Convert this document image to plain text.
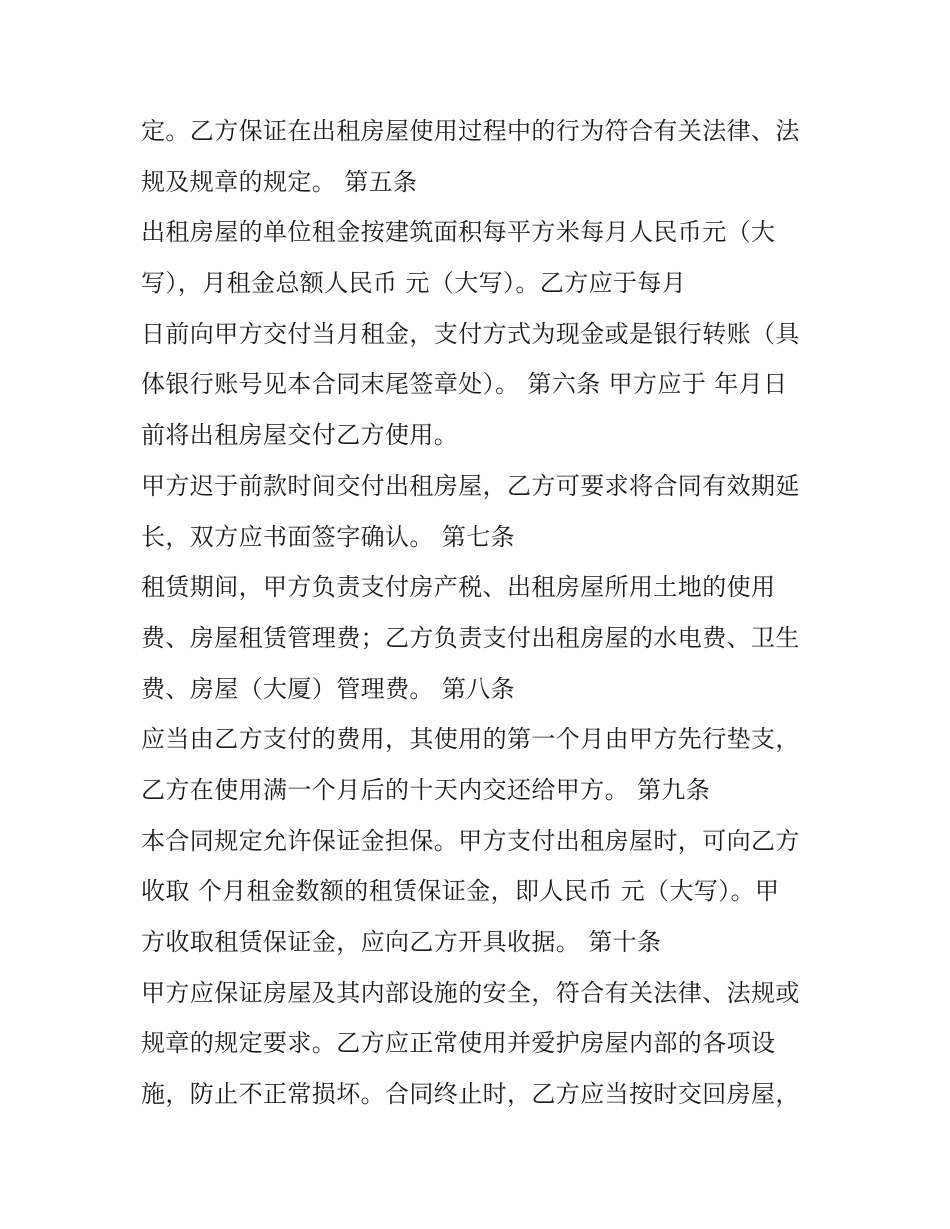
定。乙方保证在出租房屋使用过程中的行为符合有关法律、法
规及规章的规定。 第五条
出租房屋的单位租金按建筑面积每平方米每月人民币元（大
写），月租金总额人民币 元（大写）。乙方应于每月
日前向甲方交付当月租金，支付方式为现金或是银行转账（具
体银行账号见本合同末尾签章处）。 第六条 甲方应于 年月日
前将出租房屋交付乙方使用。
甲方迟于前款时间交付出租房屋，乙方可要求将合同有效期延
长，双方应书面签字确认。 第七条
租赁期间，甲方负责支付房产税、出租房屋所用土地的使用
费、房屋租赁管理费；乙方负责支付出租房屋的水电费、卫生
费、房屋（大厦）管理费。 第八条
应当由乙方支付的费用，其使用的第一个月由甲方先行垫支，
乙方在使用满一个月后的十天内交还给甲方。 第九条
本合同规定允许保证金担保。甲方支付出租房屋时，可向乙方
收取 个月租金数额的租赁保证金，即人民币 元（大写）。甲
方收取租赁保证金，应向乙方开具收据。 第十条
甲方应保证房屋及其内部设施的安全，符合有关法律、法规或
规章的规定要求。乙方应正常使用并爱护房屋内部的各项设
施，防止不正常损坏。合同终止时，乙方应当按时交回房屋，
